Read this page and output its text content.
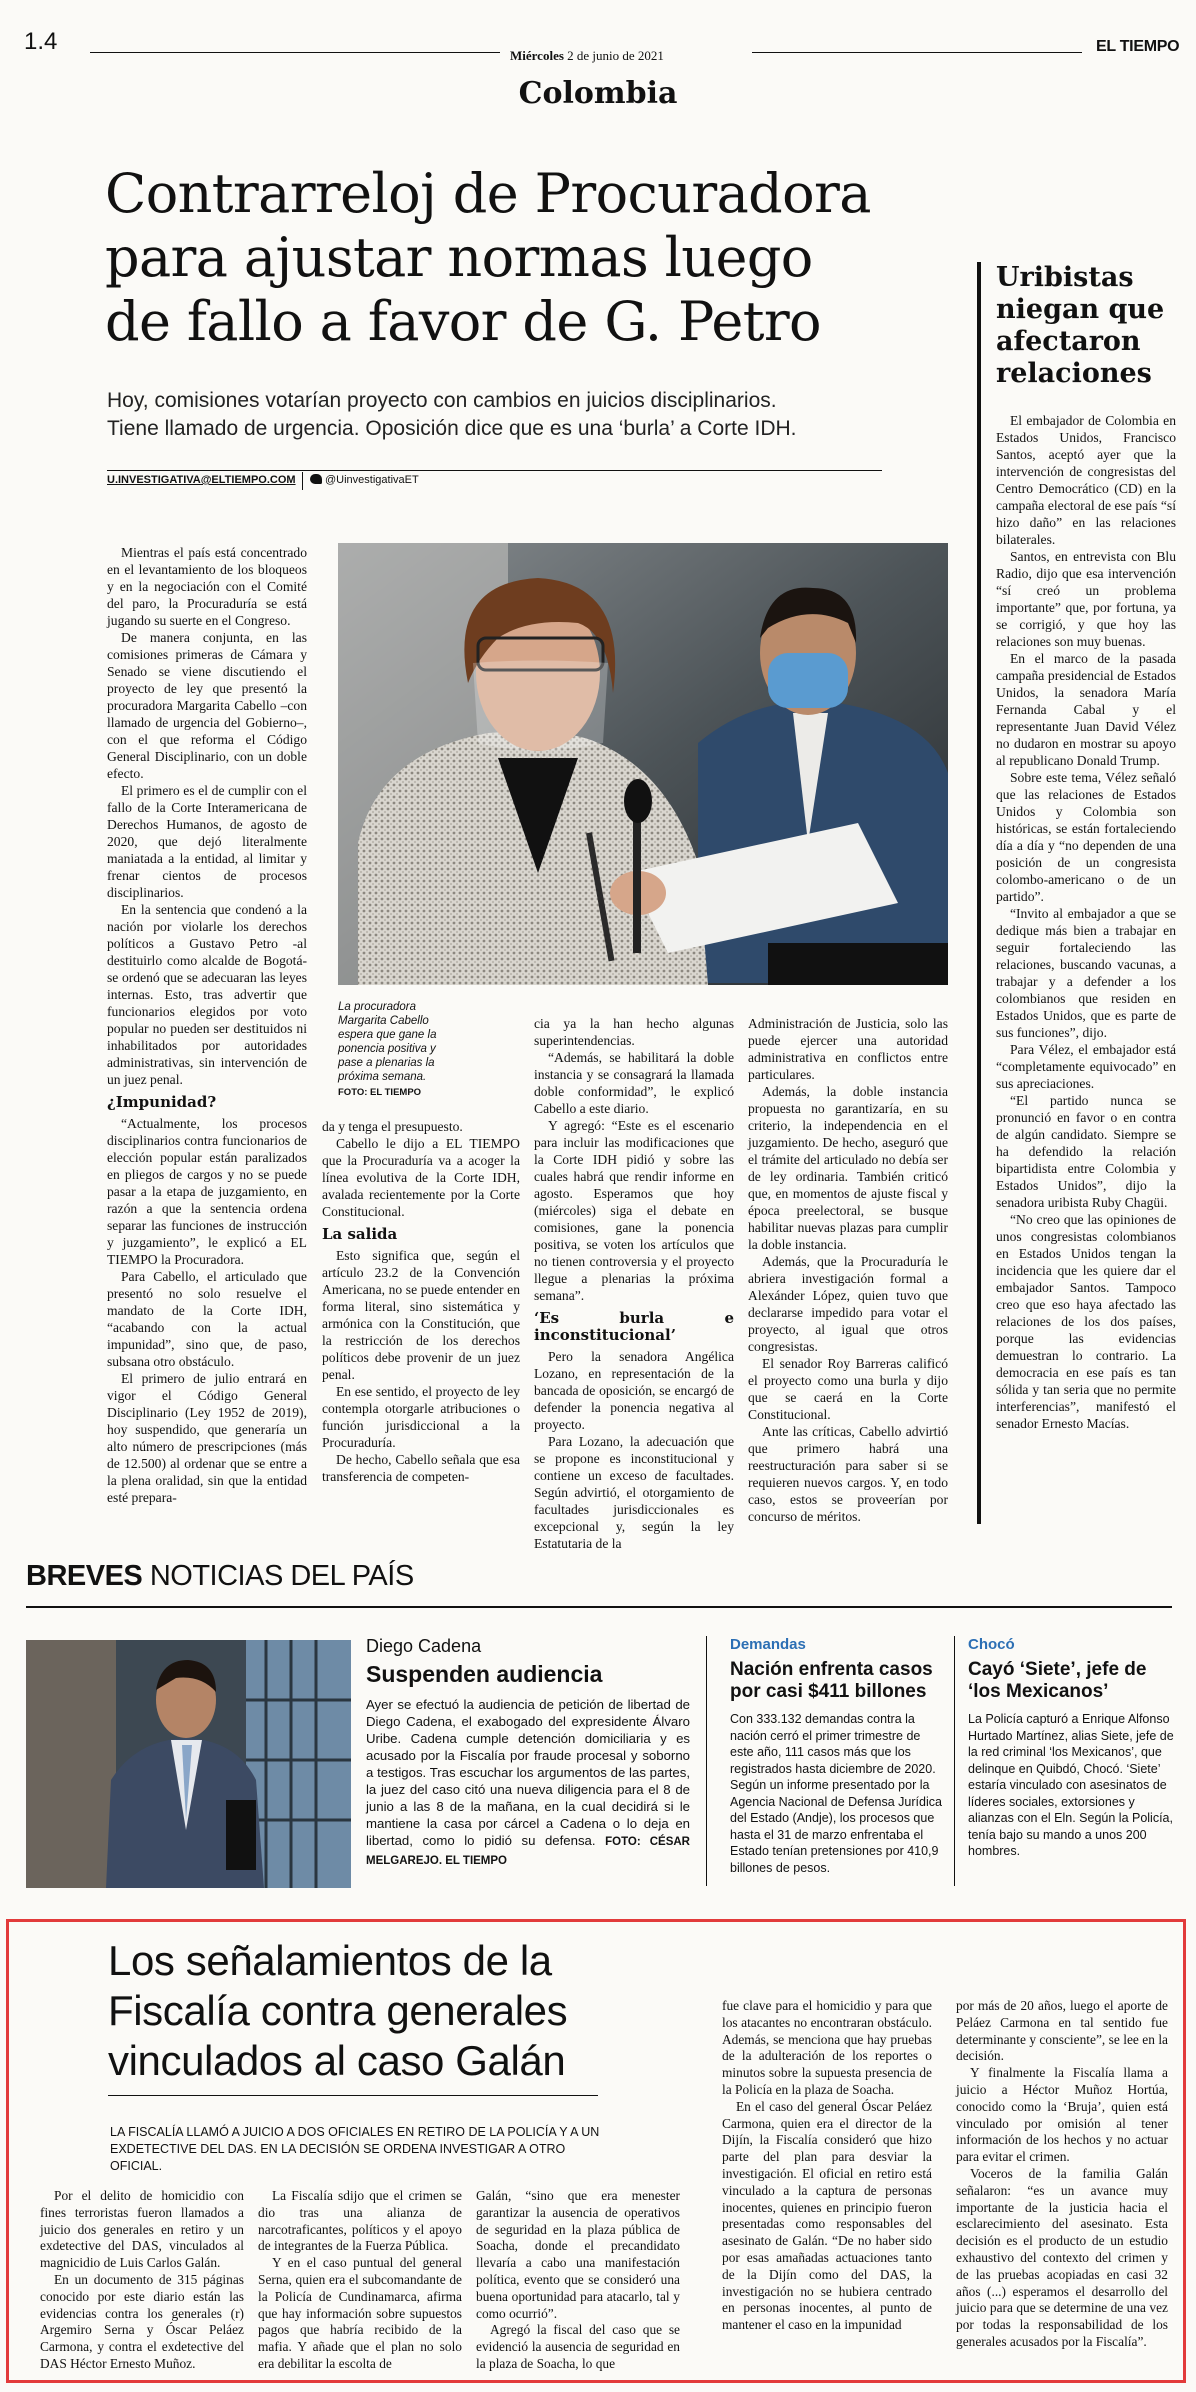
1.4
Miércoles 2 de junio de 2021
EL TIEMPO
Colombia
Contrarreloj de Procuradora
para ajustar normas luego
de fallo a favor de G. Petro
Hoy, comisiones votarían proyecto con cambios en juicios disciplinarios.
Tiene llamado de urgencia. Oposición dice que es una ‘burla’ a Corte IDH.
U.INVESTIGATIVA@ELTIEMPO.COM	@UinvestigativaET
La procuradora
Margarita Cabello
espera que gane la
ponencia positiva y
pase a plenarias la
próxima semana.
FOTO: EL TIEMPO

Mientras el país está concentrado en el levantamiento de los bloqueos y en la negociación con el Comité del paro, la Procuraduría se está jugando su suerte en el Congreso.

De manera conjunta, en las comisiones primeras de Cámara y Senado se viene discutiendo el proyecto de ley que presentó la procuradora Margarita Cabello –con llamado de urgencia del Gobierno–, con el que reforma el Código General Disciplinario, con un doble efecto.

El primero es el de cumplir con el fallo de la Corte Interamericana de Derechos Humanos, de agosto de 2020, que dejó literalmente maniatada a la entidad, al limitar y frenar cientos de procesos disciplinarios.

En la sentencia que condenó a la nación por violarle los derechos políticos a Gustavo Petro -al destituirlo como alcalde de Bogotá- se ordenó que se adecuaran las leyes internas. Esto, tras advertir que funcionarios elegidos por voto popular no pueden ser destituidos ni inhabilitados por autoridades administrativas, sin intervención de un juez penal.

¿Impunidad?

“Actualmente, los procesos disciplinarios contra funcionarios de elección popular están paralizados en pliegos de cargos y no se puede pasar a la etapa de juzgamiento, en razón a que la sentencia ordena separar las funciones de instrucción y juzgamiento”, le explicó a EL TIEMPO la Procuradora.

Para Cabello, el articulado que presentó no solo resuelve el mandato de la Corte IDH, “acabando con la actual impunidad”, sino que, de paso, subsana otro obstáculo.

El primero de julio entrará en vigor el Código General Disciplinario (Ley 1952 de 2019), hoy suspendido, que generaría un alto número de prescripciones (más de 12.500) al ordenar que se entre a la plena oralidad, sin que la entidad esté prepara-

da y tenga el presupuesto.

Cabello le dijo a EL TIEMPO que la Procuraduría va a acoger la línea evolutiva de la Corte IDH, avalada recientemente por la Corte Constitucional.

La salida

Esto significa que, según el artículo 23.2 de la Convención Americana, no se puede entender en forma literal, sino sistemática y armónica con la Constitución, que la restricción de los derechos políticos debe provenir de un juez penal.

En ese sentido, el proyecto de ley contempla otorgarle atribuciones o función jurisdiccional a la Procuraduría.

De hecho, Cabello señala que esa transferencia de competen-

cia ya la han hecho algunas superintendencias.

“Además, se habilitará la doble instancia y se consagrará la llamada doble conformidad”, le explicó Cabello a este diario.

Y agregó: “Este es el escenario para incluir las modificaciones que la Corte IDH pidió y sobre las cuales habrá que rendir informe en agosto. Esperamos que hoy (miércoles) siga el debate en comisiones, gane la ponencia positiva, se voten los artículos que no tienen controversia y el proyecto llegue a plenarias la próxima semana”.

‘Es burla e inconstitucional’

Pero la senadora Angélica Lozano, en representación de la bancada de oposición, se encargó de defender la ponencia negativa al proyecto.

Para Lozano, la adecuación que se propone es inconstitucional y contiene un exceso de facultades. Según advirtió, el otorgamiento de facultades jurisdiccionales es excepcional y, según la ley Estatutaria de la

Administración de Justicia, solo las puede ejercer una autoridad administrativa en conflictos entre particulares.

Además, la doble instancia propuesta no garantizaría, en su criterio, la independencia en el juzgamiento. De hecho, aseguró que el trámite del articulado no debía ser de ley ordinaria. También criticó que, en momentos de ajuste fiscal y época preelectoral, se busque habilitar nuevas plazas para cumplir la doble instancia.

Además, que la Procuraduría le abriera investigación formal a Alexánder López, quien tuvo que declararse impedido para votar el proyecto, al igual que otros congresistas.

El senador Roy Barreras calificó el proyecto como una burla y dijo que se caerá en la Corte Constitucional.

Ante las críticas, Cabello advirtió que primero habrá una reestructuración para saber si se requieren nuevos cargos. Y, en todo caso, estos se proveerían por concurso de méritos.

Uribistas
niegan que
afectaron
relaciones

El embajador de Colombia en Estados Unidos, Francisco Santos, aceptó ayer que la intervención de congresistas del Centro Democrático (CD) en la campaña electoral de ese país “sí hizo daño” en las relaciones bilaterales.

Santos, en entrevista con Blu Radio, dijo que esa intervención “sí creó un problema importante” que, por fortuna, ya se corrigió, y que hoy las relaciones son muy buenas.

En el marco de la pasada campaña presidencial de Estados Unidos, la senadora María Fernanda Cabal y el representante Juan David Vélez no dudaron en mostrar su apoyo al republicano Donald Trump.

Sobre este tema, Vélez señaló que las relaciones de Estados Unidos y Colombia son históricas, se están fortaleciendo día a día y “no dependen de una posición de un congresista colombo-americano o de un partido”.

“Invito al embajador a que se dedique más bien a trabajar en seguir fortaleciendo las relaciones, buscando vacunas, a trabajar y a defender a los colombianos que residen en Estados Unidos, que es parte de sus funciones”, dijo.

Para Vélez, el embajador está “completamente equivocado” en sus apreciaciones.

“El partido nunca se pronunció en favor o en contra de algún candidato. Siempre se ha defendido la relación bipartidista entre Colombia y Estados Unidos”, dijo la senadora uribista Ruby Chagüi.

“No creo que las opiniones de unos congresistas colombianos en Estados Unidos tengan la incidencia que les quiere dar el embajador Santos. Tampoco creo que eso haya afectado las relaciones de los dos países, porque las evidencias demuestran lo contrario. La democracia en ese país es tan sólida y tan seria que no permite interferencias”, manifestó el senador Ernesto Macías.

BREVES NOTICIAS DEL PAÍS
Diego Cadena
Suspenden audiencia
Ayer se efectuó la audiencia de petición de libertad de Diego Cadena, el exabogado del expresidente Álvaro Uribe. Cadena cumple detención domiciliaria y es acusado por la Fiscalía por fraude procesal y soborno a testigos. Tras escuchar los argumentos de las partes, la juez del caso citó una nueva diligencia para el 8 de junio a las 8 de la mañana, en la cual decidirá si le mantiene la casa por cárcel a Cadena o lo deja en libertad, como lo pidió su defensa. FOTO: CÉSAR MELGAREJO. EL TIEMPO
Demandas
Nación enfrenta casos por casi $411 billones
Con 333.132 demandas contra la nación cerró el primer trimestre de este año, 111 casos más que los registrados hasta diciembre de 2020. Según un informe presentado por la Agencia Nacional de Defensa Jurídica del Estado (Andje), los procesos que hasta el 31 de marzo enfrentaba el Estado tenían pretensiones por 410,9 billones de pesos.
Chocó
Cayó ‘Siete’, jefe de ‘los Mexicanos’
La Policía capturó a Enrique Alfonso Hurtado Martínez, alias Siete, jefe de la red criminal ‘los Mexicanos’, que delinque en Quibdó, Chocó. ‘Siete’ estaría vinculado con asesinatos de líderes sociales, extorsiones y alianzas con el Eln. Según la Policía, tenía bajo su mando a unos 200 hombres.
Los señalamientos de la
Fiscalía contra generales
vinculados al caso Galán
LA FISCALÍA LLAMÓ A JUICIO A DOS OFICIALES EN RETIRO DE LA POLICÍA Y A UN EXDETECTIVE DEL DAS. EN LA DECISIÓN SE ORDENA INVESTIGAR A OTRO OFICIAL.

Por el delito de homicidio con fines terroristas fueron llamados a juicio dos generales en retiro y un exdetective del DAS, vinculados al magnicidio de Luis Carlos Galán.

En un documento de 315 páginas conocido por este diario están las evidencias contra los generales (r) Argemiro Serna y Óscar Peláez Carmona, y contra el exdetective del DAS Héctor Ernesto Muñoz.

La Fiscalía sdijo que el crimen se dio tras una alianza de narcotraficantes, políticos y el apoyo de integrantes de la Fuerza Pública.

Y en el caso puntual del general Serna, quien era el subcomandante de la Policía de Cundinamarca, afirma que hay información sobre supuestos pagos que habría recibido de la mafia. Y añade que el plan no solo era debilitar la escolta de

Galán, “sino que era menester garantizar la ausencia de operativos de seguridad en la plaza pública de Soacha, donde el precandidato llevaría a cabo una manifestación política, evento que se consideró una buena oportunidad para atacarlo, tal y como ocurrió”.

Agregó la fiscal del caso que se evidenció la ausencia de seguridad en la plaza de Soacha, lo que

fue clave para el homicidio y para que los atacantes no encontraran obstáculo. Además, se menciona que hay pruebas de la adulteración de los reportes o minutos sobre la supuesta presencia de la Policía en la plaza de Soacha.

En el caso del general Óscar Peláez Carmona, quien era el director de la Dijín, la Fiscalía consideró que hizo parte del plan para desviar la investigación. El oficial en retiro está vinculado a la captura de personas inocentes, quienes en principio fueron presentadas como responsables del asesinato de Galán. “De no haber sido por esas amañadas actuaciones tanto de la Dijín como del DAS, la investigación no se hubiera centrado en personas inocentes, al punto de mantener el caso en la impunidad

por más de 20 años, luego el aporte de Peláez Carmona en tal sentido fue determinante y consciente”, se lee en la decisión.

Y finalmente la Fiscalía llama a juicio a Héctor Muñoz Hortúa, conocido como la ‘Bruja’, quien está vinculado por omisión al tener información de los hechos y no actuar para evitar el crimen.

Voceros de la familia Galán señalaron: “es un avance muy importante de la justicia hacia el esclarecimiento del asesinato. Esta decisión es el producto de un estudio exhaustivo del contexto del crimen y de las pruebas acopiadas en casi 32 años (...) esperamos el desarrollo del juicio para que se determine de una vez por todas la responsabilidad de los generales acusados por la Fiscalía”.
